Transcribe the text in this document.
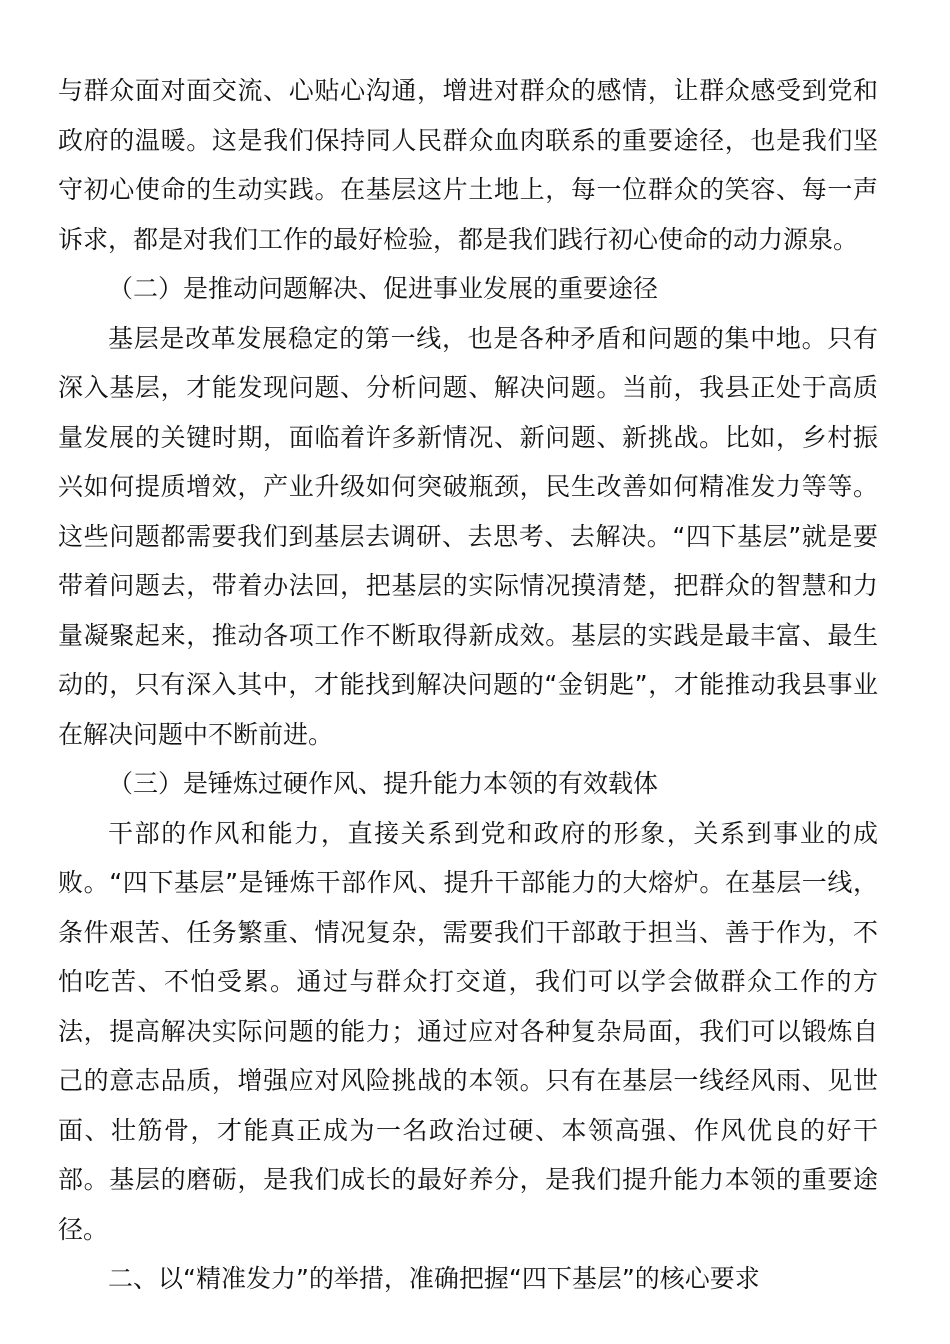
与群众面对面交流、心贴心沟通，增进对群众的感情，让群众感受到党和政府的温暖。这是我们保持同人民群众血肉联系的重要途径，也是我们坚守初心使命的生动实践。在基层这片土地上，每一位群众的笑容、每一声诉求，都是对我们工作的最好检验，都是我们践行初心使命的动力源泉。

（二）是推动问题解决、促进事业发展的重要途径

基层是改革发展稳定的第一线，也是各种矛盾和问题的集中地。只有深入基层，才能发现问题、分析问题、解决问题。当前，我县正处于高质量发展的关键时期，面临着许多新情况、新问题、新挑战。比如，乡村振兴如何提质增效，产业升级如何突破瓶颈，民生改善如何精准发力等等。这些问题都需要我们到基层去调研、去思考、去解决。“四下基层”就是要带着问题去，带着办法回，把基层的实际情况摸清楚，把群众的智慧和力量凝聚起来，推动各项工作不断取得新成效。基层的实践是最丰富、最生动的，只有深入其中，才能找到解决问题的“金钥匙”，才能推动我县事业在解决问题中不断前进。

（三）是锤炼过硬作风、提升能力本领的有效载体

干部的作风和能力，直接关系到党和政府的形象，关系到事业的成败。“四下基层”是锤炼干部作风、提升干部能力的大熔炉。在基层一线，条件艰苦、任务繁重、情况复杂，需要我们干部敢于担当、善于作为，不怕吃苦、不怕受累。通过与群众打交道，我们可以学会做群众工作的方法，提高解决实际问题的能力；通过应对各种复杂局面，我们可以锻炼自己的意志品质，增强应对风险挑战的本领。只有在基层一线经风雨、见世面、壮筋骨，才能真正成为一名政治过硬、本领高强、作风优良的好干部。基层的磨砺，是我们成长的最好养分，是我们提升能力本领的重要途径。

二、以“精准发力”的举措，准确把握“四下基层”的核心要求
